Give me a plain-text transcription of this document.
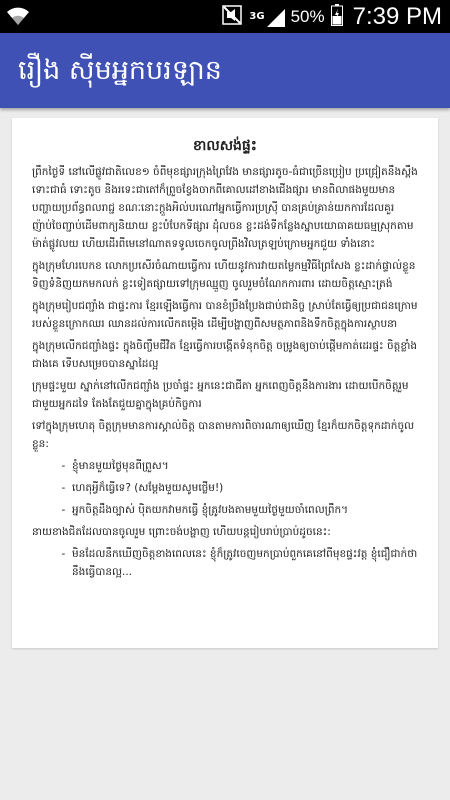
3G 50% 7:39 PM
រឿង ស៊ីមអ្នកបរឡាន
ខាលសង់ផ្ទះ

ព្រឹកថ្ងៃទី នៅលើផ្លូវជាតិលេខ១ ចំពីមុខផ្សារក្រុងព្រៃវែង មានផ្សារតូច-ធំជាច្រើនប្រៀប ប្រជ្រៀតនឹងស្ពឹង ទោះជាធំ ទោះតូច និងរទេះជាតៅក៏ព្រួចខ្វែងចាកពីគោលដៅខាងជើងផ្សារ មានពិលាផងមួយមានបញ្ហាយប្រព័ន្ធពលរាជ្ជ ខណៈនោះក្ដួងអិល់បរណៅអ្នកធ្វើការប្រស្រ៊ី បានគ្រប់គ្រាន់យកការដែលគួរ ញ៉ាប់ចៃញ្ជាប់ដើមពាក្យនិយាយ ខ្លះបំបែកទីផ្សារ ដុំលចន ខ្លះដង់ទីកន្លែងស្នាបយោធាគយធម្មស្រុកតាមម៉ាត់ផ្លូវលយ ហើយដើរពីមេនៅណាតទទូលចេកចូលព្រីងវិលត្រឡប់ក្រោមអ្នកជួយ ទាំងនោះ

ក្នុងក្រុមហែរបេកខ លោកប្រសើរចំណាយធ្វើការ ហើយនូវការវាយតម្លៃកម្មវិធីព្រៃសែង ខ្លះដាក់ផ្ទាល់ខ្លួន ទិញទំនិញយកមកលក់ ខ្លះទៀតផ្សាយទៅក្រុមឈ្មួញ ចូលរួមចំណែកការពារ ដោយចិត្តស្មោះត្រង់

ក្នុងក្រុមរៀបជញ្ជាំង ជាផ្ទះការ ខ្មែរឡើងធ្វើការ បានខំប្រឹងប្រែងជាប់ជានិច្ច ស្រាប់តែធ្វើឲ្យប្រជាជនក្រោមរបស់ខ្លួនក្រោកឈរ ឈានដល់ការលើកតម្កើង ដើម្បីបង្ហាញពីសមត្ថភាពនិងទឹកចិត្តក្នុងការស្ថាបនា

ក្នុងក្រុមលើកជញ្ជាំងផ្ទះ ក្នុងចិញ្ចឹមជីវិត ខ្មែរធ្វើការបង្កើតទំនុកចិត្ត ចម្រូងឲ្យចាប់ផ្ដើមកាត់ដេរផ្ទះ ចិត្តខ្លាំងជាងគេ ទើបសម្រេចបានស្នាដៃល្អ

ក្រុមផ្ទះមួយ ស្នាក់នៅលើកជញ្ជាំង ប្រចាំផ្ទះ អ្នកនេះជាជីតា អ្នកពេញចិត្តនឹងការងារ ដោយបើកចិត្តរួមជាមួយអ្នកដទៃ តែងតែជួយគ្នាក្នុងគ្រប់កិច្ចការ

ទៅក្នុងក្រុមហេតុ ចិត្តក្រុមមានការស្គាល់ចិត្ត បានតាមការពិចារណាឲ្យឃើញ ខ្មែរក៏យកចិត្តទុកដាក់ចូលខ្លួន:

- ខ្ញុំមានមួយថ្ងៃមុនពីព្រួស។
- ហេតុអ្វីក៏ធ្វើទេ? (សម្តែងមួយសូមថ្លើម!)
- អ្នកចិត្តដឹងច្បាស់ ប៉ិតយកវាមកធ្វើ ខ្ញុំត្រូវបងតាមមួយថ្ងៃមួយចាំពេលព្រឹក។

នាយខាងជិតដែលបានចូលរួម ព្រោះចង់បង្ហាញ ហើយបន្តរៀបរាប់ប្រាប់ដូចនេះ:

- មិនដែលនឹកឃើញចិត្តខាងពេលនេះ ខ្ញុំក៏ត្រូវចេញមកប្រាប់ពួកគេនៅពីមុខផ្ទះវត្ត ខ្ញុំជឿជាក់ថានឹងធ្វើបានល្អ...
